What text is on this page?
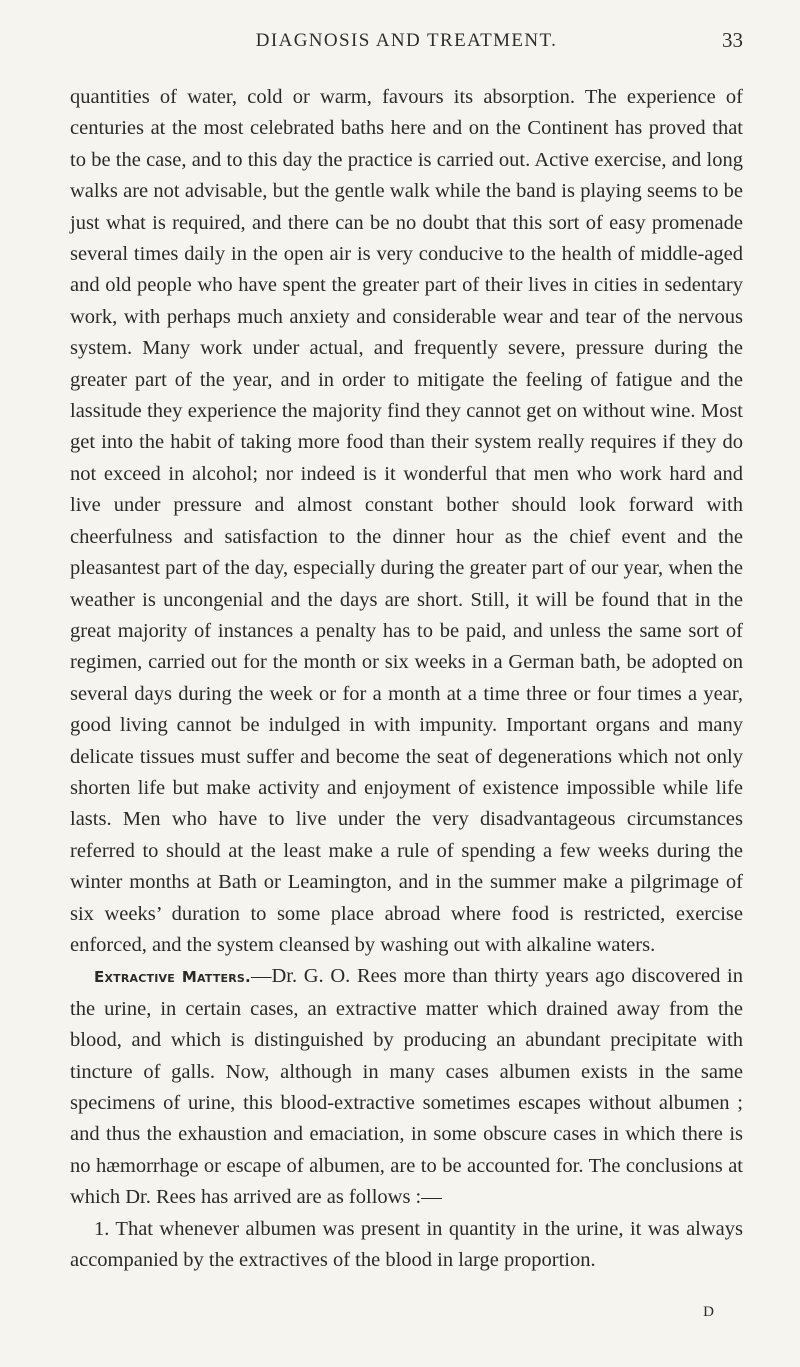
DIAGNOSIS AND TREATMENT.	33

quantities of water, cold or warm, favours its absorption. The experience of centuries at the most celebrated baths here and on the Continent has proved that to be the case, and to this day the practice is carried out. Active exercise, and long walks are not advisable, but the gentle walk while the band is playing seems to be just what is required, and there can be no doubt that this sort of easy promenade several times daily in the open air is very conducive to the health of middle-aged and old people who have spent the greater part of their lives in cities in sedentary work, with perhaps much anxiety and considerable wear and tear of the nervous system. Many work under actual, and frequently severe, pressure during the greater part of the year, and in order to mitigate the feeling of fatigue and the lassitude they experience the majority find they cannot get on without wine. Most get into the habit of taking more food than their system really requires if they do not exceed in alcohol; nor indeed is it wonderful that men who work hard and live under pressure and almost constant bother should look forward with cheerfulness and satisfaction to the dinner hour as the chief event and the pleasantest part of the day, especially during the greater part of our year, when the weather is uncongenial and the days are short. Still, it will be found that in the great majority of instances a penalty has to be paid, and unless the same sort of regimen, carried out for the month or six weeks in a German bath, be adopted on several days during the week or for a month at a time three or four times a year, good living cannot be indulged in with impunity. Important organs and many delicate tissues must suffer and become the seat of degenerations which not only shorten life but make activity and enjoyment of existence impossible while life lasts. Men who have to live under the very disadvantageous circumstances referred to should at the least make a rule of spending a few weeks during the winter months at Bath or Leamington, and in the summer make a pilgrimage of six weeks’ duration to some place abroad where food is restricted, exercise enforced, and the system cleansed by washing out with alkaline waters.

Extractive Matters.—Dr. G. O. Rees more than thirty years ago discovered in the urine, in certain cases, an extractive matter which drained away from the blood, and which is distinguished by producing an abundant precipitate with tincture of galls. Now, although in many cases albumen exists in the same specimens of urine, this blood-extractive sometimes escapes without albumen ; and thus the exhaustion and emaciation, in some obscure cases in which there is no hæmorrhage or escape of albumen, are to be accounted for. The conclusions at which Dr. Rees has arrived are as follows :—

1. That whenever albumen was present in quantity in the urine, it was always accompanied by the extractives of the blood in large proportion.

D
